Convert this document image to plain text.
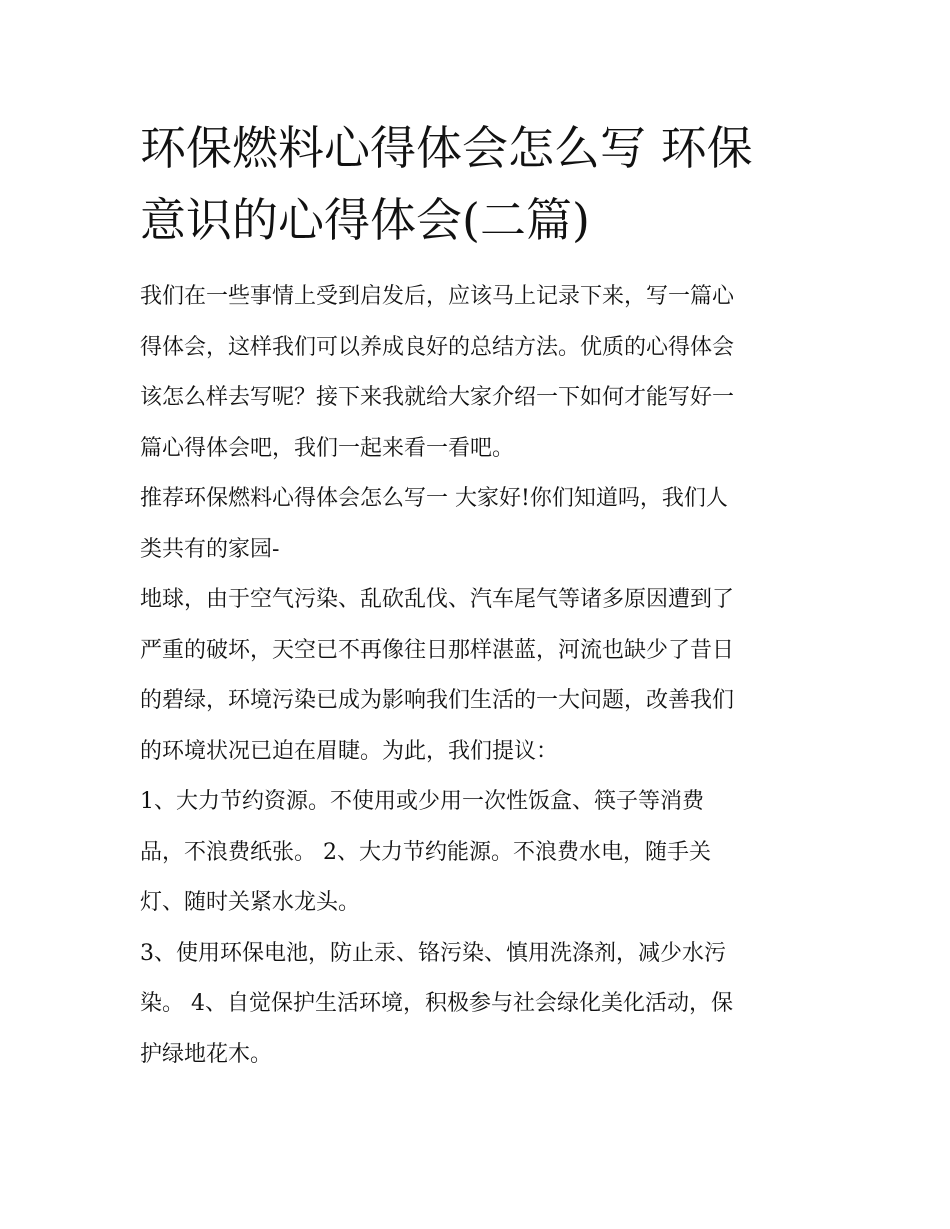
环保燃料心得体会怎么写 环保
意识的心得体会(二篇)

我们在一些事情上受到启发后，应该马上记录下来，写一篇心
得体会，这样我们可以养成良好的总结方法。优质的心得体会
该怎么样去写呢？接下来我就给大家介绍一下如何才能写好一
篇心得体会吧，我们一起来看一看吧。

推荐环保燃料心得体会怎么写一 大家好!你们知道吗，我们人
类共有的家园-

地球，由于空气污染、乱砍乱伐、汽车尾气等诸多原因遭到了
严重的破坏，天空已不再像往日那样湛蓝，河流也缺少了昔日
的碧绿，环境污染已成为影响我们生活的一大问题，改善我们
的环境状况已迫在眉睫。为此，我们提议：

1、大力节约资源。不使用或少用一次性饭盒、筷子等消费
品，不浪费纸张。 2、大力节约能源。不浪费水电，随手关
灯、随时关紧水龙头。

3、使用环保电池，防止汞、铬污染、慎用洗涤剂，减少水污
染。 4、自觉保护生活环境，积极参与社会绿化美化活动，保
护绿地花木。
